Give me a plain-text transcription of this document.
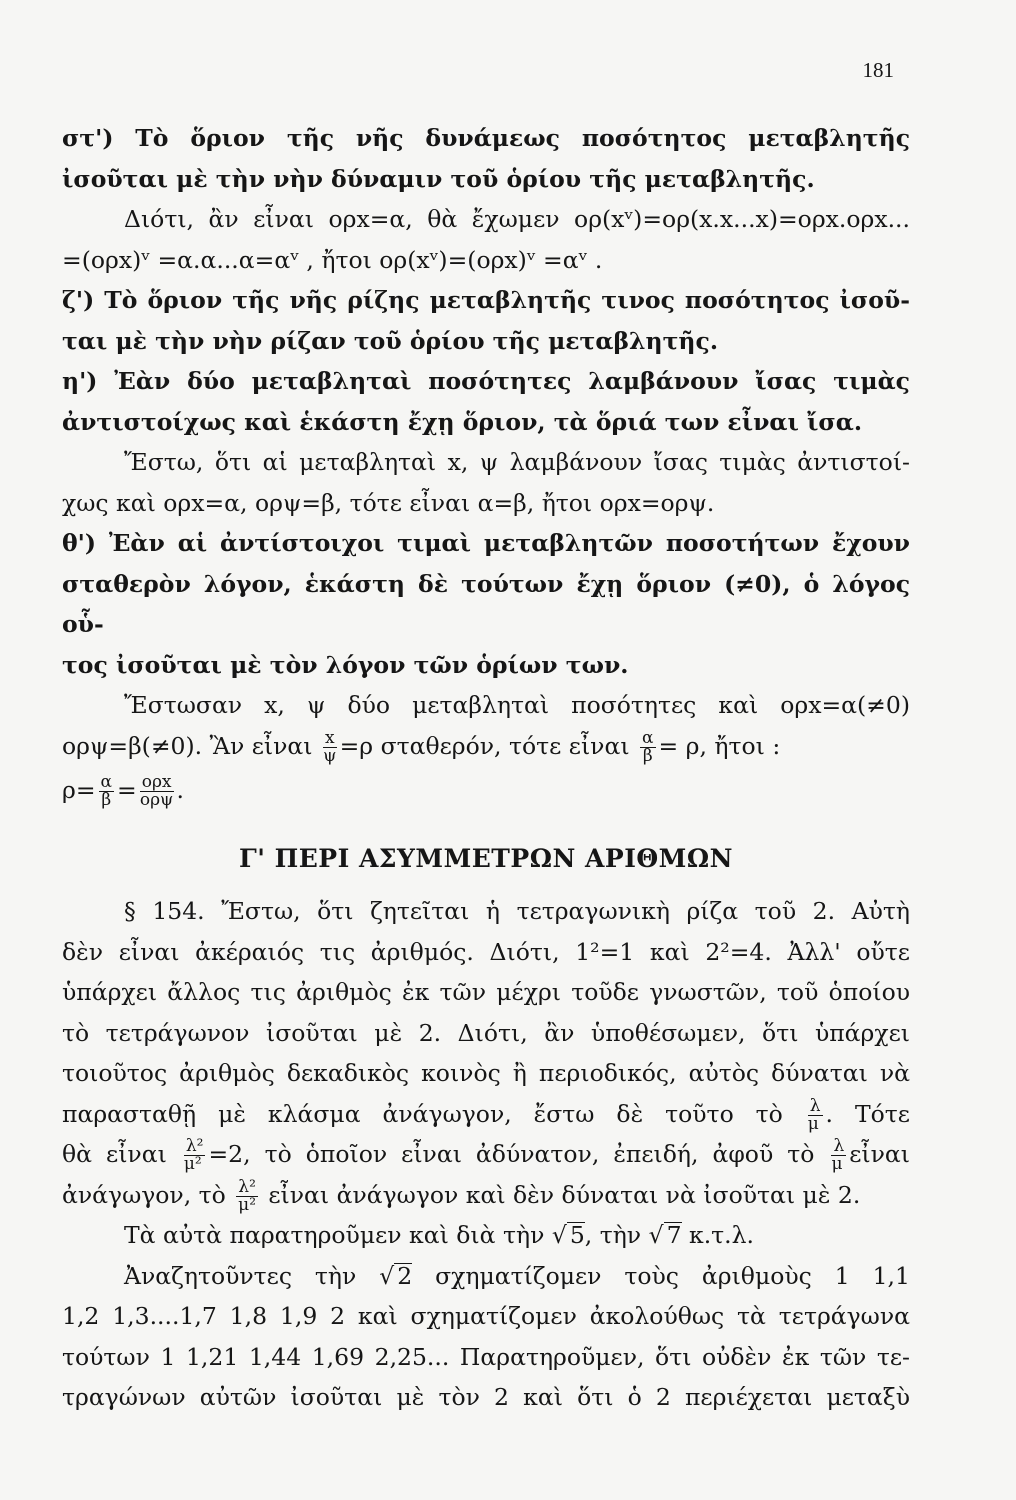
181
στ') Τὸ ὅριον τῆς νῆς δυνάμεως ποσότητος μεταβλητῆς
ἰσοῦται μὲ τὴν νὴν δύναμιν τοῦ ὁρίου τῆς μεταβλητῆς.
Διότι, ἂν εἶναι ορx=α, θὰ ἔχωμεν ορ(xᵛ)=ορ(x.x...x)=ορx.ορx...
=(ορx)ᵛ =α.α...α=αᵛ , ἤτοι ορ(xᵛ)=(ορx)ᵛ =αᵛ .
ζ') Τὸ ὅριον τῆς νῆς ρίζης μεταβλητῆς τινος ποσότητος ἰσοῦ-
ται μὲ τὴν νὴν ρίζαν τοῦ ὁρίου τῆς μεταβλητῆς.
η') Ἐὰν δύο μεταβληταὶ ποσότητες λαμβάνουν ἴσας τιμὰς
ἀντιστοίχως καὶ ἑκάστη ἔχῃ ὅριον, τὰ ὅριά των εἶναι ἴσα.
Ἔστω, ὅτι αἱ μεταβληταὶ x, ψ λαμβάνουν ἴσας τιμὰς ἀντιστοί-
χως καὶ ορx=α, ορψ=β, τότε εἶναι α=β, ἤτοι ορx=ορψ.
θ') Ἐὰν αἱ ἀντίστοιχοι τιμαὶ μεταβλητῶν ποσοτήτων ἔχουν
σταθερὸν λόγον, ἑκάστη δὲ τούτων ἔχῃ ὅριον (≠0), ὁ λόγος οὗ-
τος ἰσοῦται μὲ τὸν λόγον τῶν ὁρίων των.
Ἔστωσαν x, ψ δύο μεταβληταὶ ποσότητες καὶ ορx=α(≠0)
ορψ=β(≠0). Ἂν εἶναι $\frac{x}{\psi} =\rho$ σταθερόν, τότε εἶναι $\frac{\alpha}{\beta} = \rho$, ἤτοι :
$\rho= \frac{\alpha}{\beta} = \frac{\text{ορx}}{\text{ορψ}}$ .
Γ' ΠΕΡΙ ΑΣΥΜΜΕΤΡΩΝ ΑΡΙΘΜΩΝ
§ 154. Ἔστω, ὅτι ζητεῖται ἡ τετραγωνικὴ ρίζα τοῦ 2. Αὐτὴ
δὲν εἶναι ἀκέραιός τις ἀριθμός. Διότι, 1²=1 καὶ 2²=4. Ἀλλ' οὔτε
ὑπάρχει ἄλλος τις ἀριθμὸς ἐκ τῶν μέχρι τοῦδε γνωστῶν, τοῦ ὁποίου
τὸ τετράγωνον ἰσοῦται μὲ 2. Διότι, ἂν ὑποθέσωμεν, ὅτι ὑπάρχει
τοιοῦτος ἀριθμὸς δεκαδικὸς κοινὸς ἢ περιοδικός, αὐτὸς δύναται νὰ
παρασταθῇ μὲ κλάσμα ἀνάγωγον, ἔστω δὲ τοῦτο τὸ $\frac{\lambda}{\mu}$ . Τότε
θὰ εἶναι $\frac{\text{λ²}}{\text{μ²}} =2$, τὸ ὁποῖον εἶναι ἀδύνατον, ἐπειδή, ἀφοῦ τὸ $\frac{\lambda}{\mu}$ εἶναι
ἀνάγωγον, τὸ $\frac{\text{λ²}}{\text{μ²}}$ εἶναι ἀνάγωγον καὶ δὲν δύναται νὰ ἰσοῦται μὲ 2.
Τὰ αὐτὰ παρατηροῦμεν καὶ διὰ τὴν √ 5, τὴν √ 7 κ.τ.λ.
Ἀναζητοῦντες τὴν √ 2 σχηματίζομεν τοὺς ἀριθμοὺς 1 1,1
1,2 1,3....1,7 1,8 1,9 2 καὶ σχηματίζομεν ἀκολούθως τὰ τετράγωνα
τούτων 1 1,21 1,44 1,69 2,25... Παρατηροῦμεν, ὅτι οὐδὲν ἐκ τῶν τε-
τραγώνων αὐτῶν ἰσοῦται μὲ τὸν 2 καὶ ὅτι ὁ 2 περιέχεται μεταξὺ
